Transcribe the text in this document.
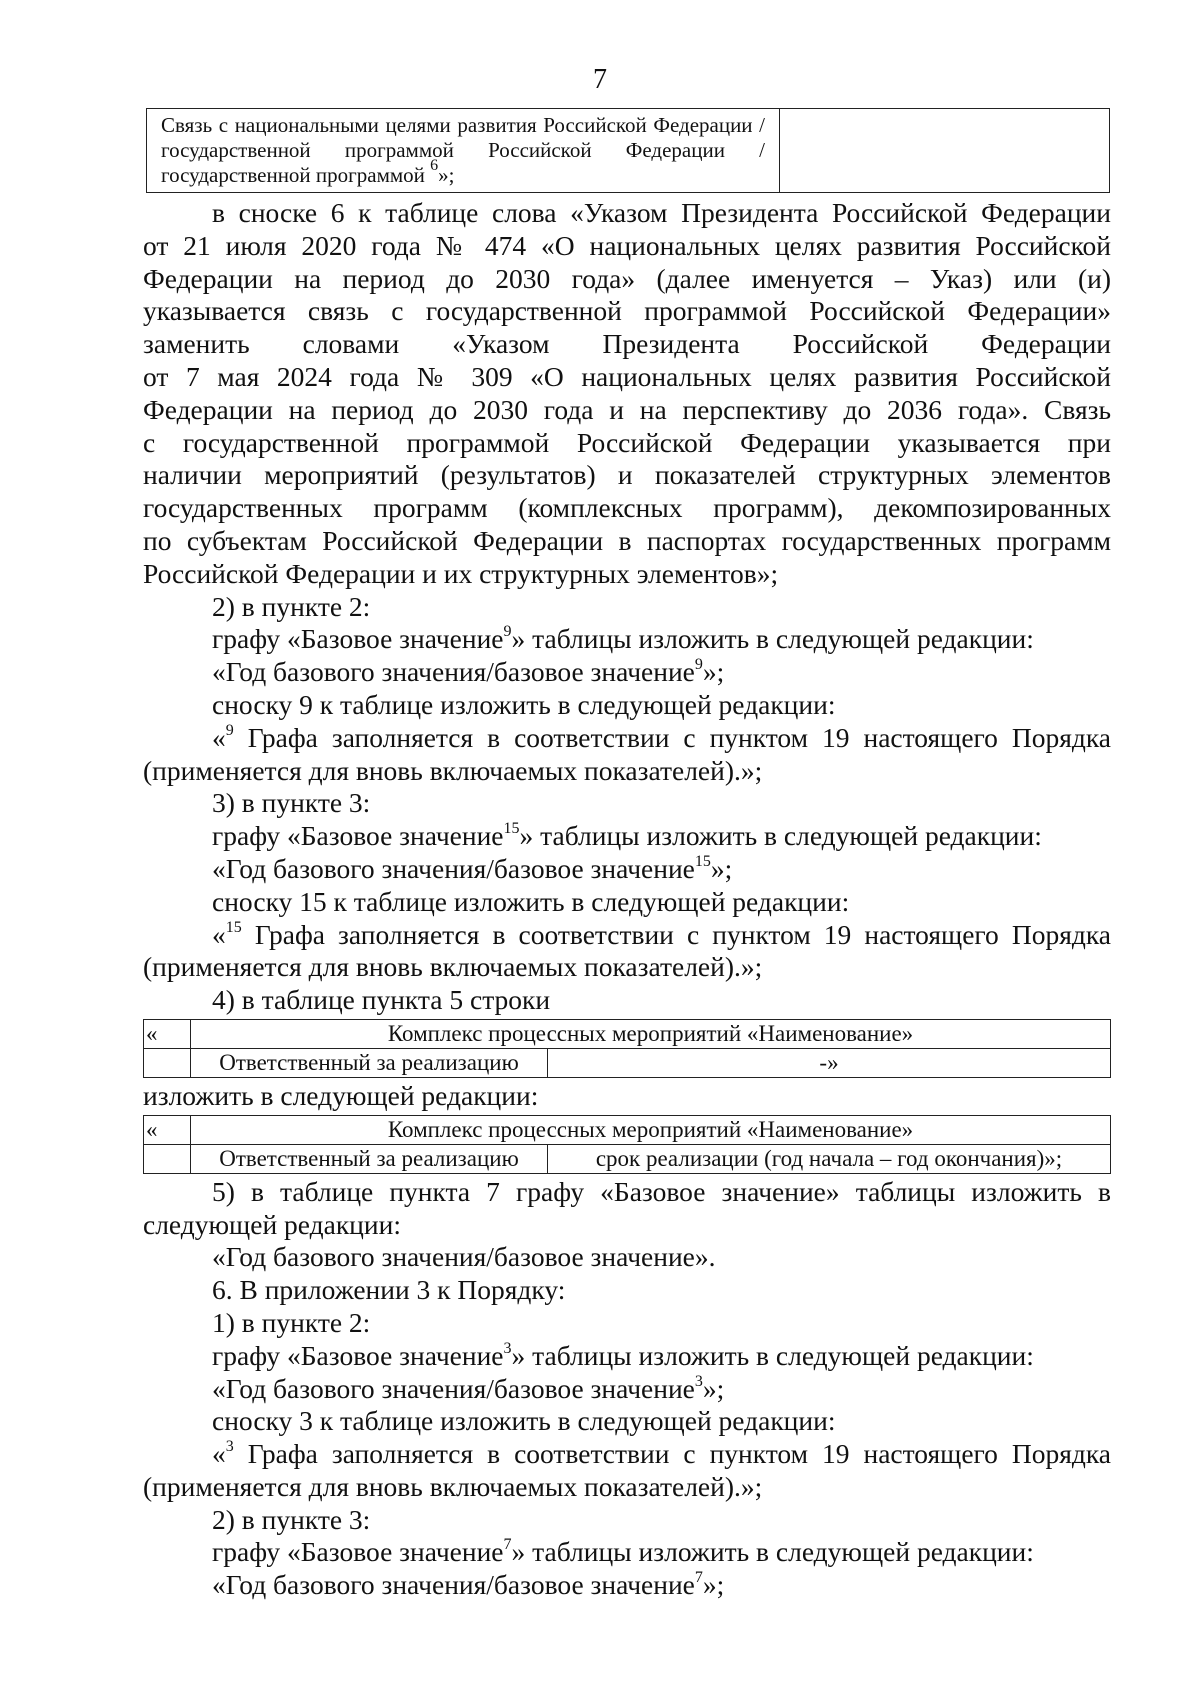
7
Связь с национальными целями развития Российской Федерации / государственной программой Российской Федерации / государственной программой $^6$»;	

в сноске 6 к таблице слова «Указом Президента Российской Федерации

от 21 июля 2020 года № 474 «О национальных целях развития Российской

Федерации на период до 2030 года» (далее именуется – Указ) или (и)

указывается связь с государственной программой Российской Федерации»

заменить словами «Указом Президента Российской Федерации

от 7 мая 2024 года № 309 «О национальных целях развития Российской

Федерации на период до 2030 года и на перспективу до 2036 года». Связь

с государственной программой Российской Федерации указывается при

наличии мероприятий (результатов) и показателей структурных элементов

государственных программ (комплексных программ), декомпозированных

по субъектам Российской Федерации в паспортах государственных программ

Российской Федерации и их структурных элементов»;

2) в пункте 2:

графу «Базовое значение$^9$» таблицы изложить в следующей редакции:

«Год базового значения/базовое значение$^9$»;

сноску 9 к таблице изложить в следующей редакции:

«$^9$ Графа заполняется в соответствии с пунктом 19 настоящего Порядка

(применяется для вновь включаемых показателей).»;

3) в пункте 3:

графу «Базовое значение$^{15}$» таблицы изложить в следующей редакции:

«Год базового значения/базовое значение$^{15}$»;

сноску 15 к таблице изложить в следующей редакции:

«$^{15}$ Графа заполняется в соответствии с пунктом 19 настоящего Порядка

(применяется для вновь включаемых показателей).»;

4) в таблице пункта 5 строки

«	Комплекс процессных мероприятий «Наименование»	
	Ответственный за реализацию	-»

изложить в следующей редакции:

«	Комплекс процессных мероприятий «Наименование»	
	Ответственный за реализацию	срок реализации (год начала – год окончания)»;

5) в таблице пункта 7 графу «Базовое значение» таблицы изложить в

следующей редакции:

«Год базового значения/базовое значение».

6. В приложении 3 к Порядку:

1) в пункте 2:

графу «Базовое значение$^3$» таблицы изложить в следующей редакции:

«Год базового значения/базовое значение$^3$»;

сноску 3 к таблице изложить в следующей редакции:

«$^3$ Графа заполняется в соответствии с пунктом 19 настоящего Порядка

(применяется для вновь включаемых показателей).»;

2) в пункте 3:

графу «Базовое значение$^7$» таблицы изложить в следующей редакции:

«Год базового значения/базовое значение$^7$»;
